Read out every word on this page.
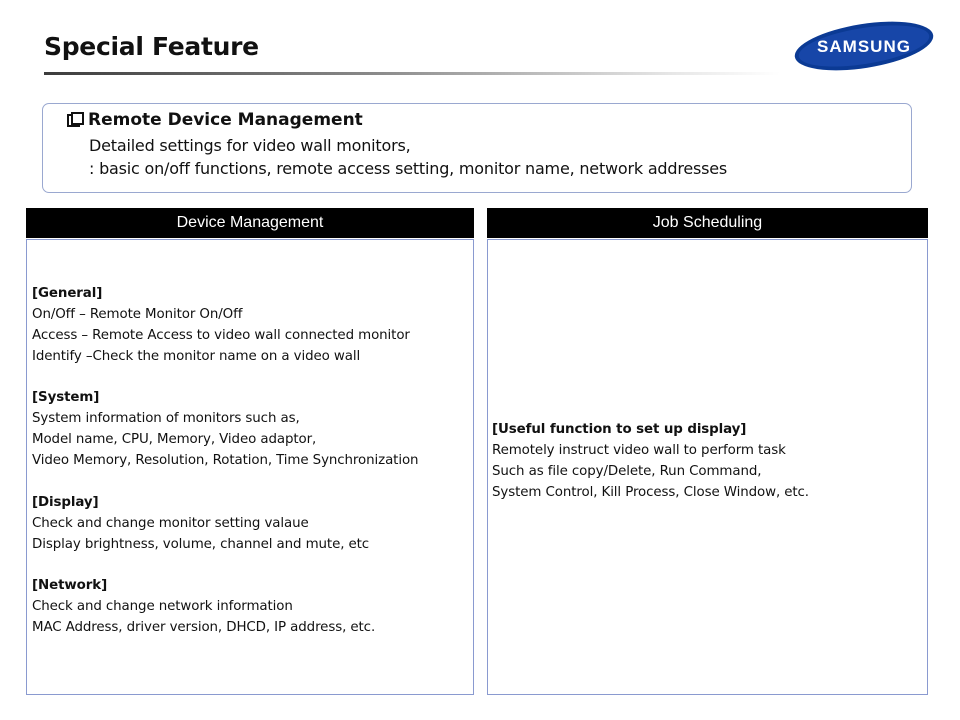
Special Feature	SAMSUNG
Remote Device Management
Detailed settings for video wall monitors,
: basic on/off functions, remote access setting, monitor name, network addresses
Device Management
[General]
On/Off – Remote Monitor On/Off
Access – Remote Access to video wall connected monitor
Identify –Check the monitor name on a video wall
[System]
System information of monitors such as,
Model name, CPU, Memory, Video adaptor,
Video Memory, Resolution, Rotation, Time Synchronization
[Display]
Check and change monitor setting valaue
Display brightness, volume, channel and mute, etc
[Network]
Check and change network information
MAC Address, driver version, DHCD, IP address, etc.
Job Scheduling
[Useful function to set up display]
Remotely instruct video wall to perform task
Such as file copy/Delete, Run Command,
System Control, Kill Process, Close Window, etc.
